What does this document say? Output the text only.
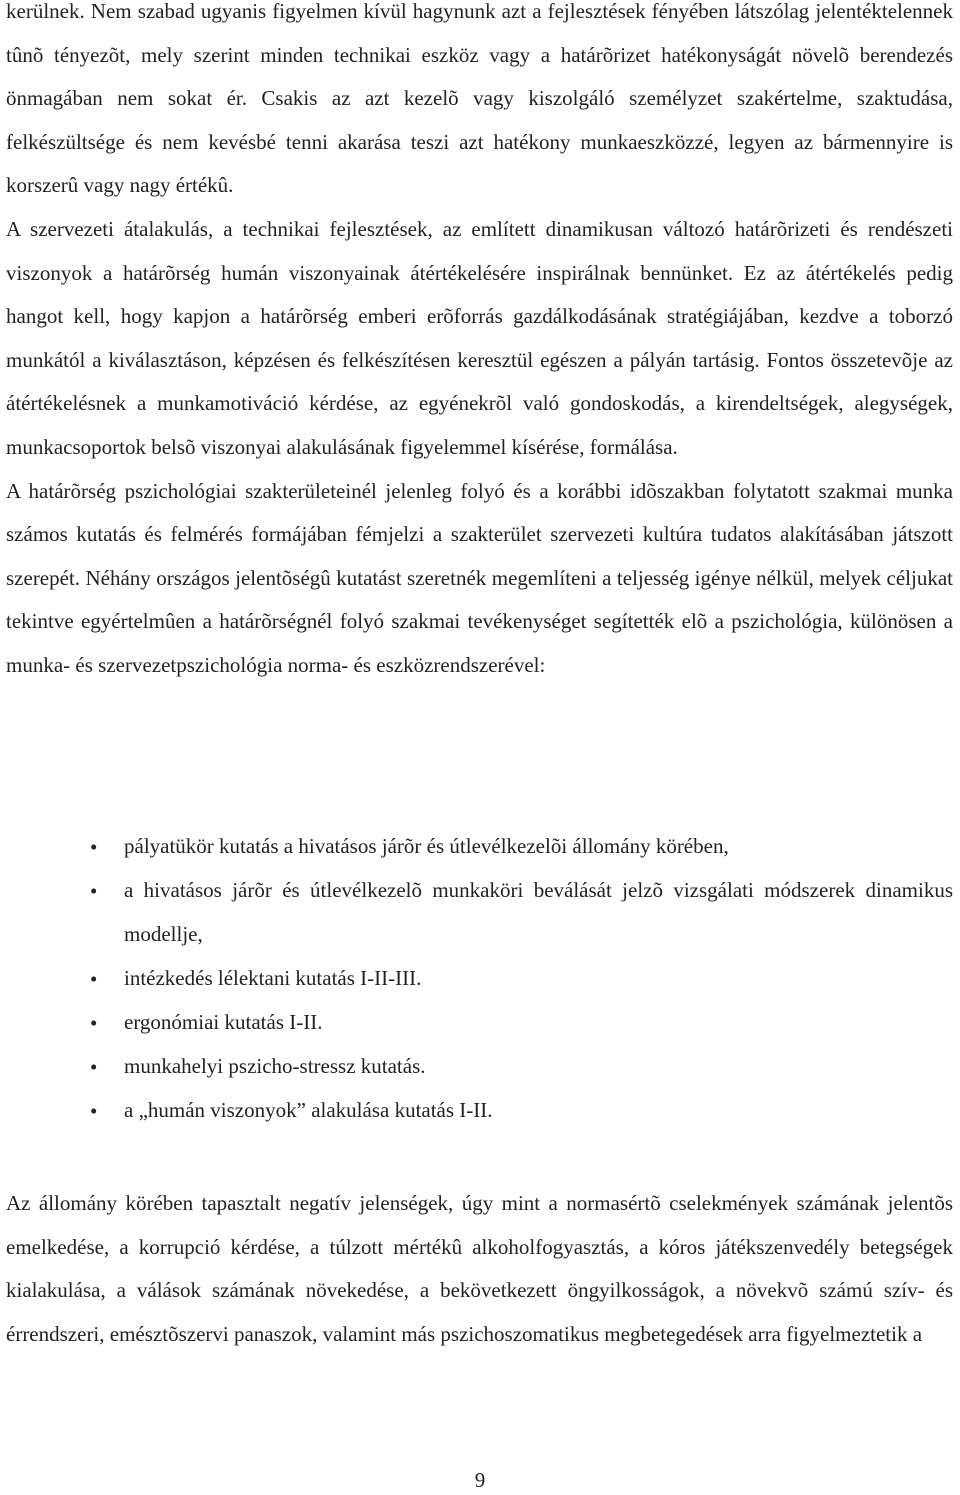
kerülnek. Nem szabad ugyanis figyelmen kívül hagynunk azt a fejlesztések fényében látszólag jelentéktelennek tûnõ tényezõt, mely szerint minden technikai eszköz vagy a határõrizet hatékonyságát növelõ berendezés önmagában nem sokat ér. Csakis az azt kezelõ vagy kiszolgáló személyzet szakértelme, szaktudása, felkészültsége és nem kevésbé tenni akarása teszi azt hatékony munkaeszközzé, legyen az bármennyire is korszerû vagy nagy értékû.

A szervezeti átalakulás, a technikai fejlesztések, az említett dinamikusan változó határõrizeti és rendészeti viszonyok a határõrség humán viszonyainak átértékelésére inspirálnak bennünket. Ez az átértékelés pedig hangot kell, hogy kapjon a határõrség emberi erõforrás gazdálkodásának stratégiájában, kezdve a toborzó munkától a kiválasztáson, képzésen és felkészítésen keresztül egészen a pályán tartásig. Fontos összetevõje az átértékelésnek a munkamotiváció kérdése, az egyénekrõl való gondoskodás, a kirendeltségek, alegységek, munkacsoportok belsõ viszonyai alakulásának figyelemmel kísérése, formálása.

A határõrség pszichológiai szakterületeinél jelenleg folyó és a korábbi idõszakban folytatott szakmai munka számos kutatás és felmérés formájában fémjelzi a szakterület szervezeti kultúra tudatos alakításában játszott szerepét. Néhány országos jelentõségû kutatást szeretnék megemlíteni a teljesség igénye nélkül, melyek céljukat tekintve egyértelmûen a határõrségnél folyó szakmai tevékenységet segítették elõ a pszichológia, különösen a munka- és szervezetpszichológia norma- és eszközrendszerével:

• pályatükör kutatás a hivatásos járõr és útlevélkezelõi állomány körében,
• a hivatásos járõr és útlevélkezelõ munkaköri beválását jelzõ vizsgálati módszerek dinamikus modellje,
• intézkedés lélektani kutatás I-II-III.
• ergonómiai kutatás I-II.
• munkahelyi pszicho-stressz kutatás.
• a „humán viszonyok” alakulása kutatás I-II.

Az állomány körében tapasztalt negatív jelenségek, úgy mint a normasértõ cselekmények számának jelentõs emelkedése, a korrupció kérdése, a túlzott mértékû alkoholfogyasztás, a kóros játékszenvedély betegségek kialakulása, a válások számának növekedése, a bekövetkezett öngyilkosságok, a növekvõ számú szív- és érrendszeri, emésztõszervi panaszok, valamint más pszichoszomatikus megbetegedések arra figyelmeztetik a

9
